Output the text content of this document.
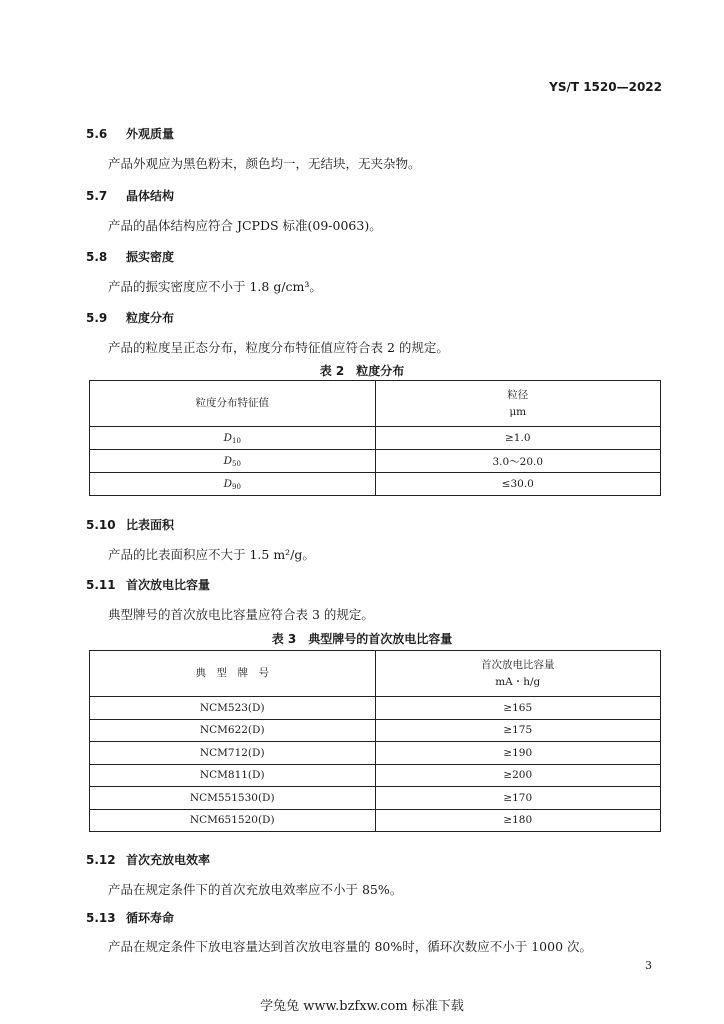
YS/T 1520—2022
5.6 外观质量
产品外观应为黑色粉末，颜色均一，无结块，无夹杂物。
5.7 晶体结构
产品的晶体结构应符合 JCPDS 标准(09-0063)。
5.8 振实密度
产品的振实密度应不小于 1.8 g/cm³。
5.9 粒度分布
产品的粒度呈正态分布，粒度分布特征值应符合表 2 的规定。
表 2　粒度分布
粒度分布特征值	粒径
μm

$D_{10}$	≥1.0
$D_{50}$	3.0～20.0
$D_{90}$	≤30.0
5.10 比表面积
产品的比表面积应不大于 1.5 m²/g。
5.11 首次放电比容量
典型牌号的首次放电比容量应符合表 3 的规定。
表 3　典型牌号的首次放电比容量
典　型　牌　号	首次放电比容量
mA・h/g

NCM523(D)	≥165
NCM622(D)	≥175
NCM712(D)	≥190
NCM811(D)	≥200
NCM551530(D)	≥170
NCM651520(D)	≥180
5.12 首次充放电效率
产品在规定条件下的首次充放电效率应不小于 85%。
5.13 循环寿命
产品在规定条件下放电容量达到首次放电容量的 80%时，循环次数应不小于 1000 次。
3
学兔兔 www.bzfxw.com 标准下载
